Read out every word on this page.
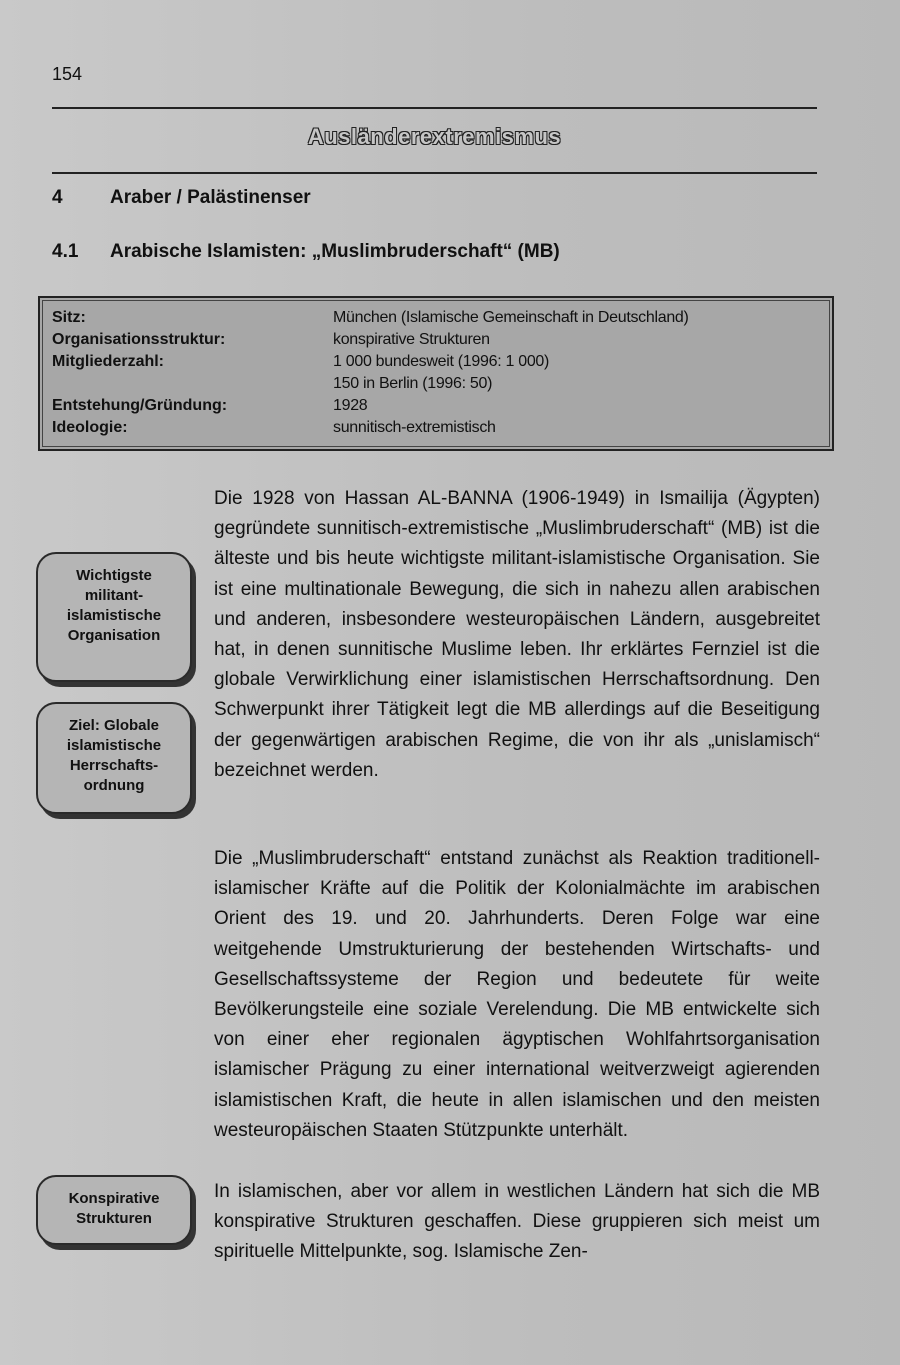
154
Ausländerextremismus
4 Araber / Palästinenser
4.1 Arabische Islamisten: „Muslimbruderschaft“ (MB)
Sitz:	München (Islamische Gemeinschaft in Deutschland)
Organisationsstruktur:	konspirative Strukturen
Mitgliederzahl:	1 000 bundesweit (1996: 1 000)
150 in Berlin (1996: 50)
Entstehung/Gründung:	1928
Ideologie:	sunnitisch-extremistisch
Wichtigste militant-islamistische Organisation
Ziel: Globale islamistische Herrschafts-ordnung
Konspirative Strukturen

Die 1928 von Hassan AL-BANNA (1906-1949) in Ismailija (Ägypten) gegründete sunnitisch-extremistische „Muslimbruderschaft“ (MB) ist die älteste und bis heute wichtigste militant-islamistische Organisation. Sie ist eine multinationale Bewegung, die sich in nahezu allen arabischen und anderen, insbesondere westeuropäischen Ländern, ausgebreitet hat, in denen sunnitische Muslime leben. Ihr erklärtes Fernziel ist die globale Verwirklichung einer islamistischen Herrschaftsordnung. Den Schwerpunkt ihrer Tätigkeit legt die MB allerdings auf die Beseitigung der gegenwärtigen arabischen Regime, die von ihr als „unislamisch“ bezeichnet werden.

Die „Muslimbruderschaft“ entstand zunächst als Reaktion traditionell-islamischer Kräfte auf die Politik der Kolonialmächte im arabischen Orient des 19. und 20. Jahrhunderts. Deren Folge war eine weitgehende Umstrukturierung der bestehenden Wirtschafts- und Gesellschaftssysteme der Region und bedeutete für weite Bevölkerungsteile eine soziale Verelendung. Die MB entwickelte sich von einer eher regionalen ägyptischen Wohlfahrtsorganisation islamischer Prägung zu einer international weitverzweigt agierenden islamistischen Kraft, die heute in allen islamischen und den meisten westeuropäischen Staaten Stützpunkte unterhält.

In islamischen, aber vor allem in westlichen Ländern hat sich die MB konspirative Strukturen geschaffen. Diese gruppieren sich meist um spirituelle Mittelpunkte, sog. Islamische Zen-
